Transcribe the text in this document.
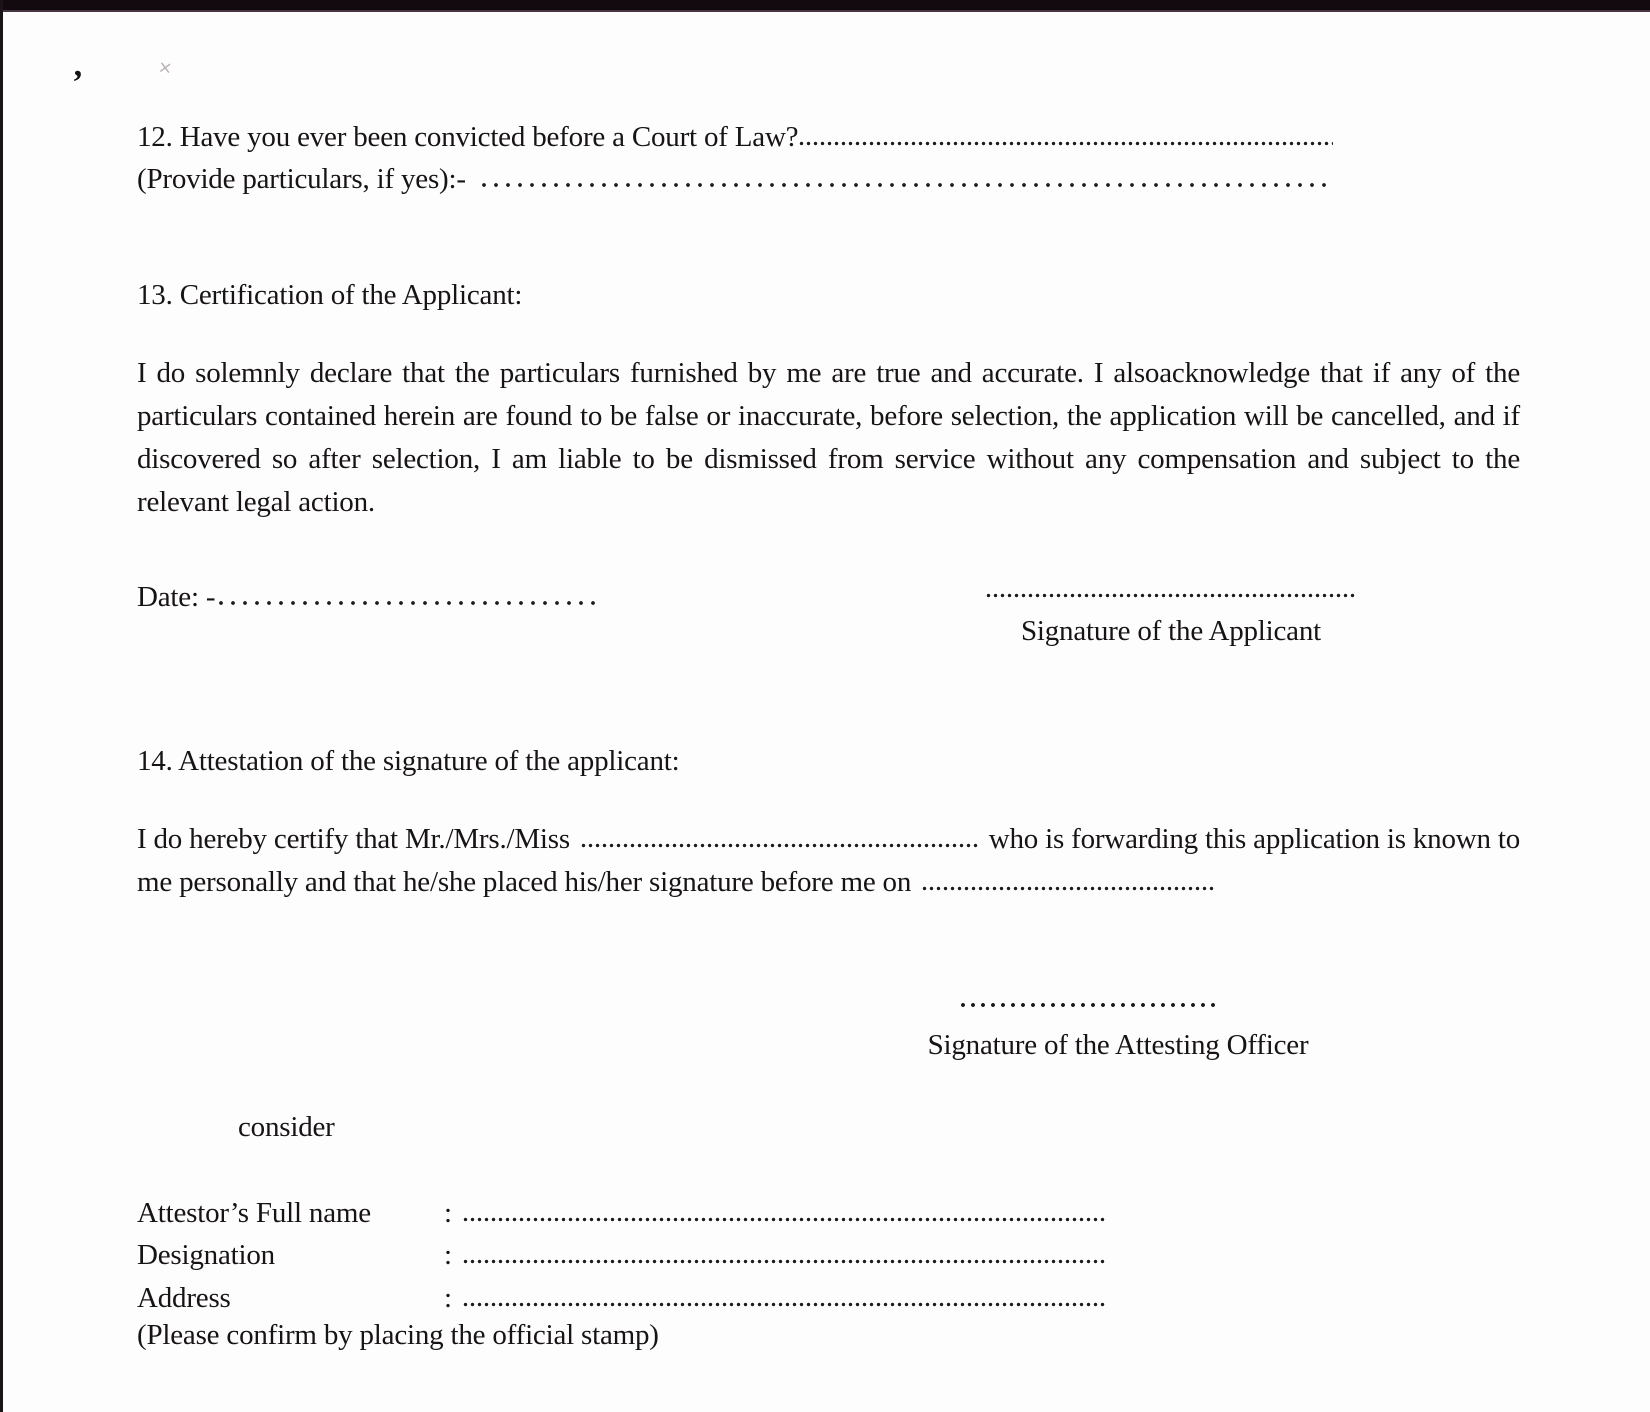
’	⨯
12. Have you ever been convicted before a Court of Law?
(Provide particulars, if yes):-
13. Certification of the Applicant:
I do solemnly declare that the particulars furnished by me are true and accurate. I alsoacknowledge that if any of the particulars contained herein are found to be false or inaccurate, before selection, the application will be cancelled, and if discovered so after selection, I am liable to be dismissed from service without any compensation and subject to the relevant legal action.
Date: -
Signature of the Applicant
14. Attestation of the signature of the applicant:
I do hereby certify that Mr./Mrs./Miss	who is forwarding this application is known to
me personally and that he/she placed his/her signature before me on
Signature of the Attesting Officer
consider
Attestor’s Full name	:
Designation	:
Address	:
(Please confirm by placing the official stamp)
